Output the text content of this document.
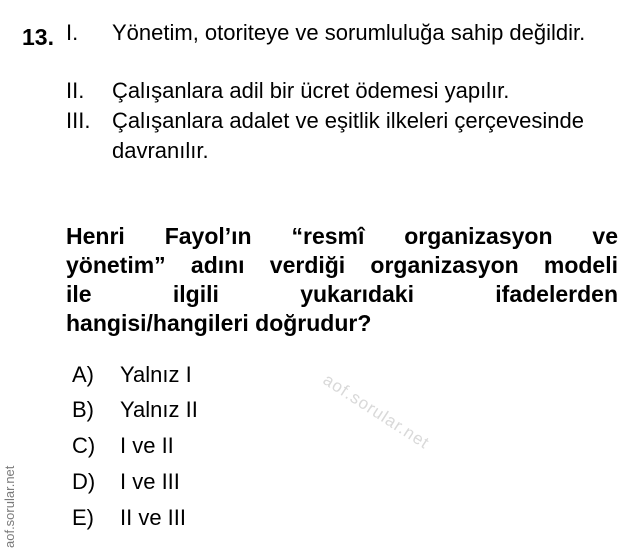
13. I. Yönetim, otoriteye ve sorumluluğa sahip değildir.
II. Çalışanlara adil bir ücret ödemesi yapılır.
III. Çalışanlara adalet ve eşitlik ilkeleri çerçevesinde davranılır.
Henri Fayol’ın “resmî organizasyon ve
yönetim” adını verdiği organizasyon modeli
ile ilgili yukarıdaki ifadelerden
hangisi/hangileri doğrudur?
A) Yalnız I
B) Yalnız II
C) I ve II
D) I ve III
E) II ve III
aof.sorular.net
aof.sorular.net
